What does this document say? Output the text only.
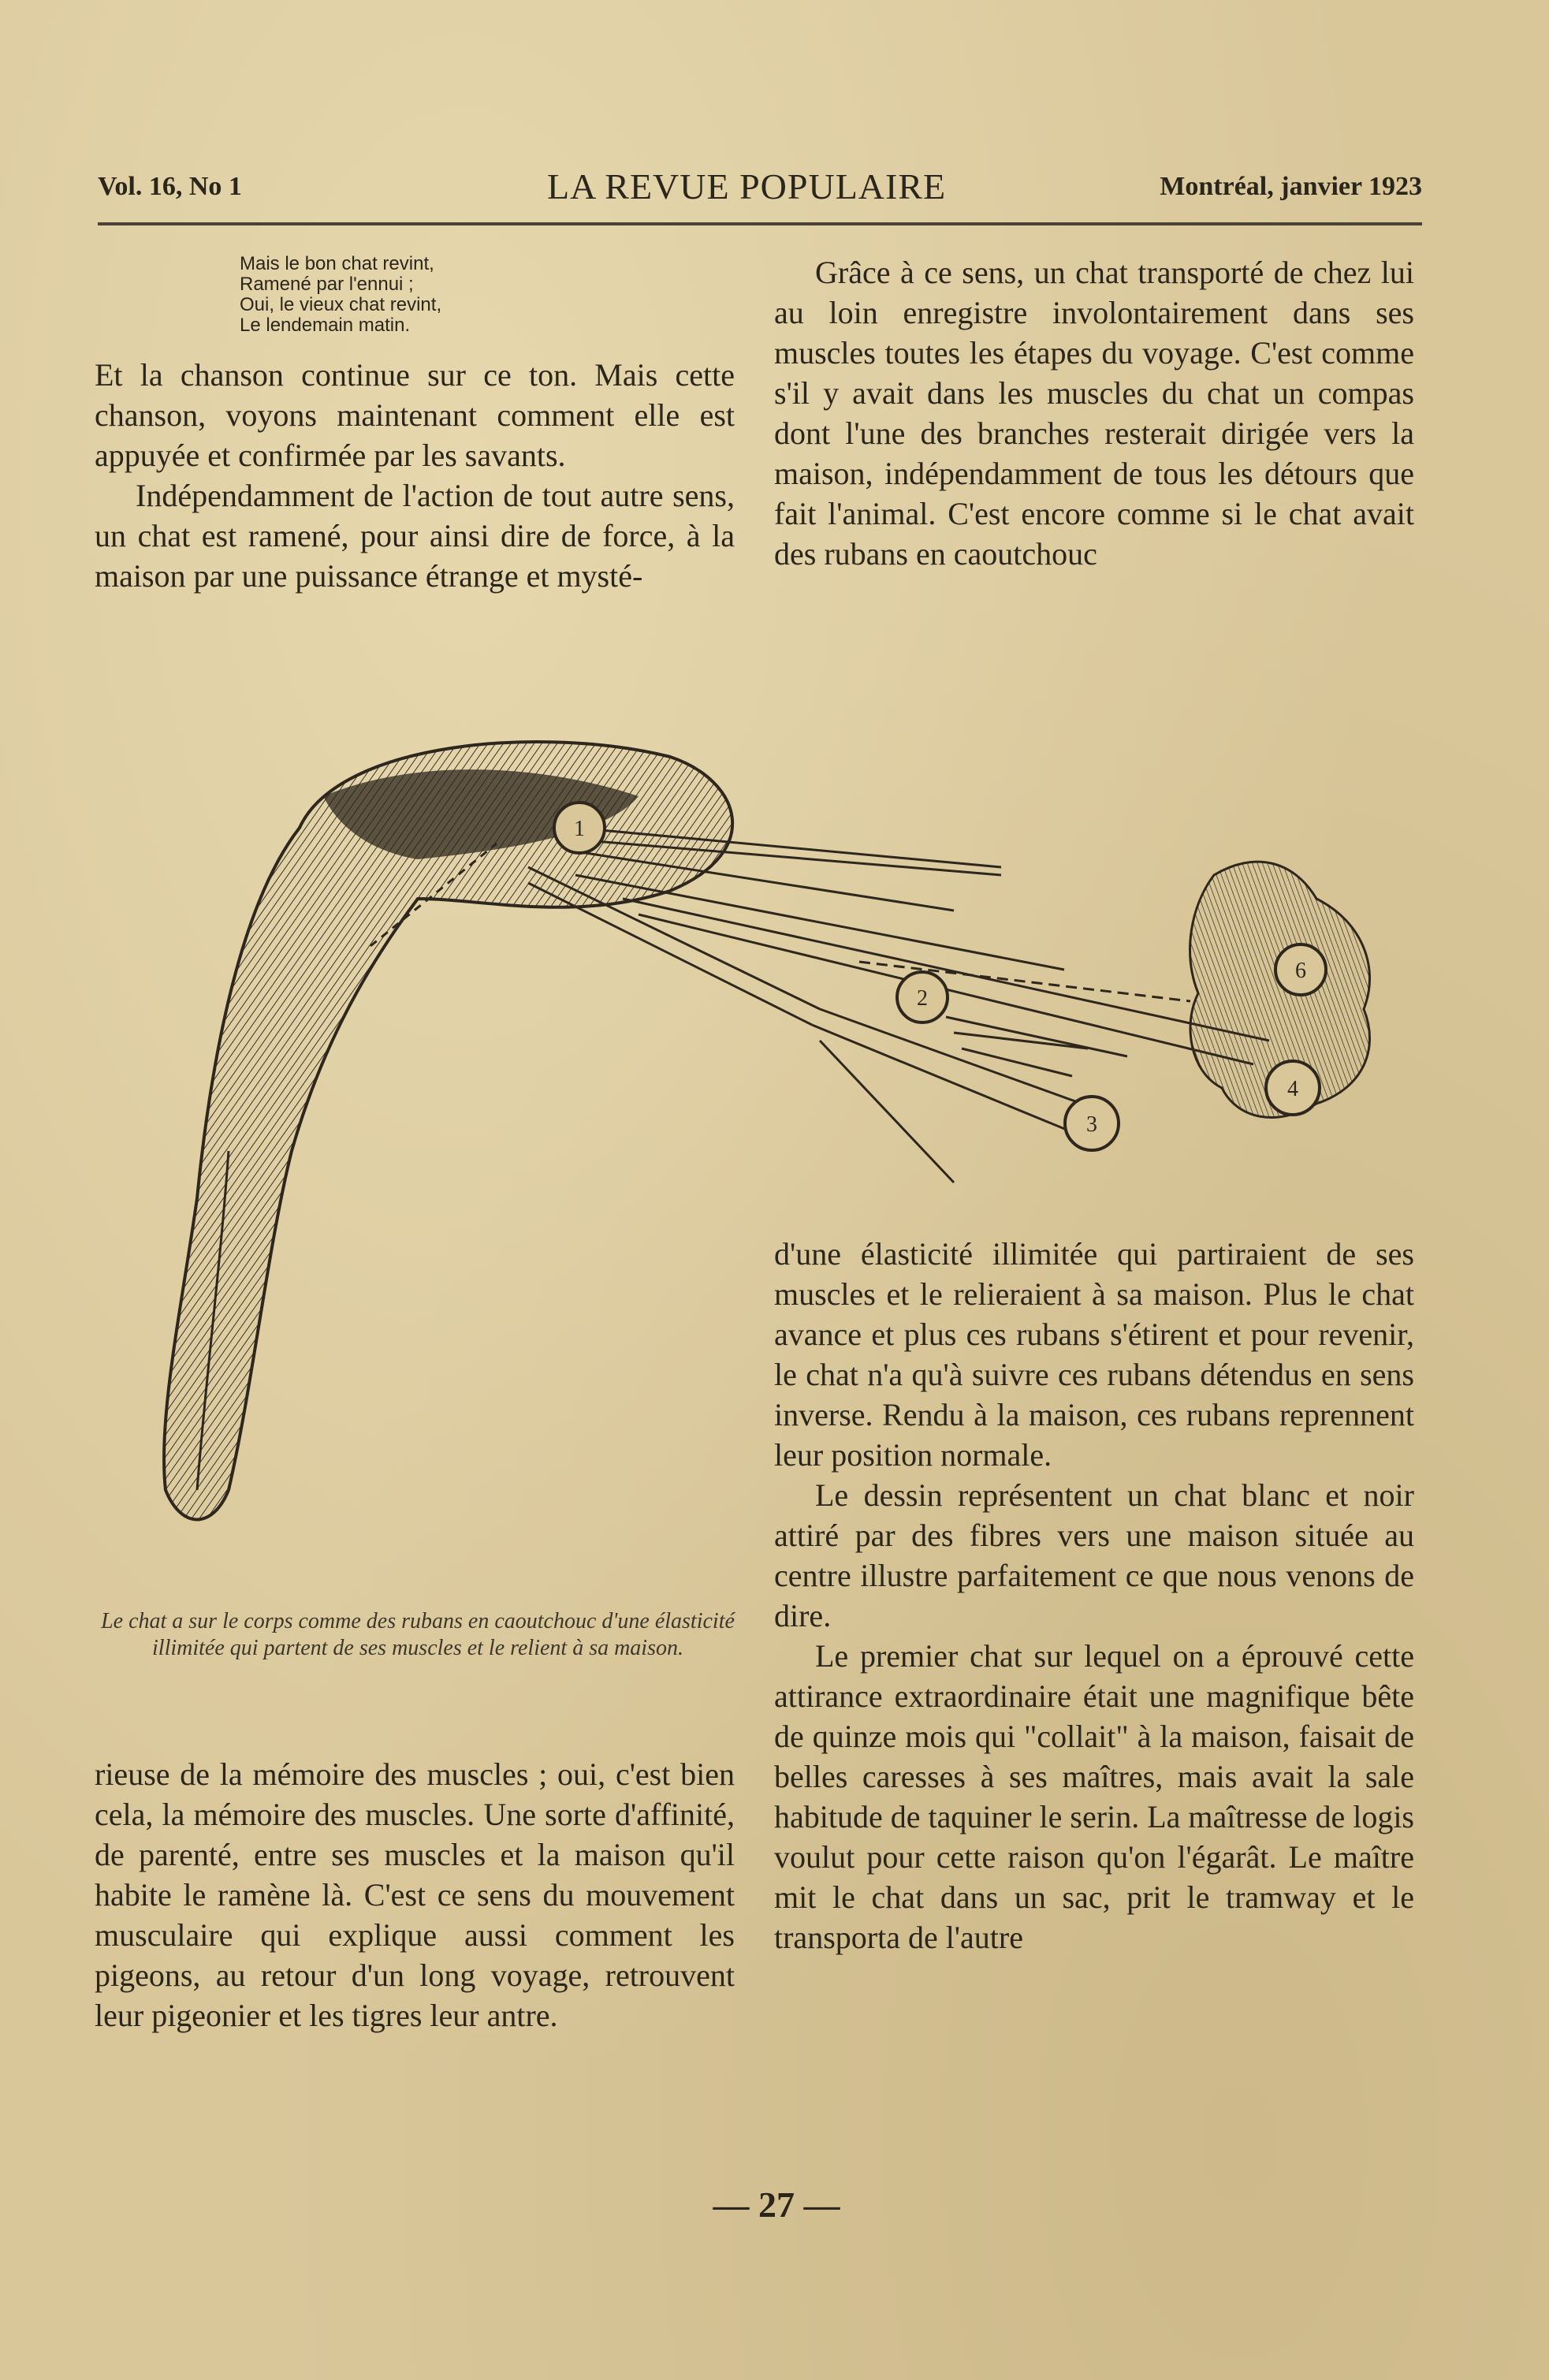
Vol. 16, No 1	LA REVUE POPULAIRE	Montréal, janvier 1923
Mais le bon chat revint,
Ramené par l'ennui ;
Oui, le vieux chat revint,
Le lendemain matin.

Et la chanson continue sur ce ton. Mais cette chanson, voyons maintenant comment elle est appuyée et confirmée par les savants.

Indépendamment de l'action de tout autre sens, un chat est ramené, pour ainsi dire de force, à la maison par une puissance étrange et mysté-

Grâce à ce sens, un chat transporté de chez lui au loin enregistre involontairement dans ses muscles toutes les étapes du voyage. C'est comme s'il y avait dans les muscles du chat un compas dont l'une des branches resterait dirigée vers la maison, indépendamment de tous les détours que fait l'animal. C'est encore comme si le chat avait des rubans en caoutchouc

1
2
3
4
6
Le chat a sur le corps comme des rubans en caoutchouc d'une élasticité illimitée qui partent de ses muscles et le relient à sa maison.

d'une élasticité illimitée qui partiraient de ses muscles et le relieraient à sa maison. Plus le chat avance et plus ces rubans s'étirent et pour revenir, le chat n'a qu'à suivre ces rubans détendus en sens inverse. Rendu à la maison, ces rubans reprennent leur position normale.

Le dessin représentent un chat blanc et noir attiré par des fibres vers une maison située au centre illustre parfaitement ce que nous venons de dire.

Le premier chat sur lequel on a éprouvé cette attirance extraordinaire était une magnifique bête de quinze mois qui "collait" à la maison, faisait de belles caresses à ses maîtres, mais avait la sale habitude de taquiner le serin. La maîtresse de logis voulut pour cette raison qu'on l'égarât. Le maître mit le chat dans un sac, prit le tramway et le transporta de l'autre

rieuse de la mémoire des muscles ; oui, c'est bien cela, la mémoire des muscles. Une sorte d'affinité, de parenté, entre ses muscles et la maison qu'il habite le ramène là. C'est ce sens du mouvement musculaire qui explique aussi comment les pigeons, au retour d'un long voyage, retrouvent leur pigeonier et les tigres leur antre.

— 27 —
